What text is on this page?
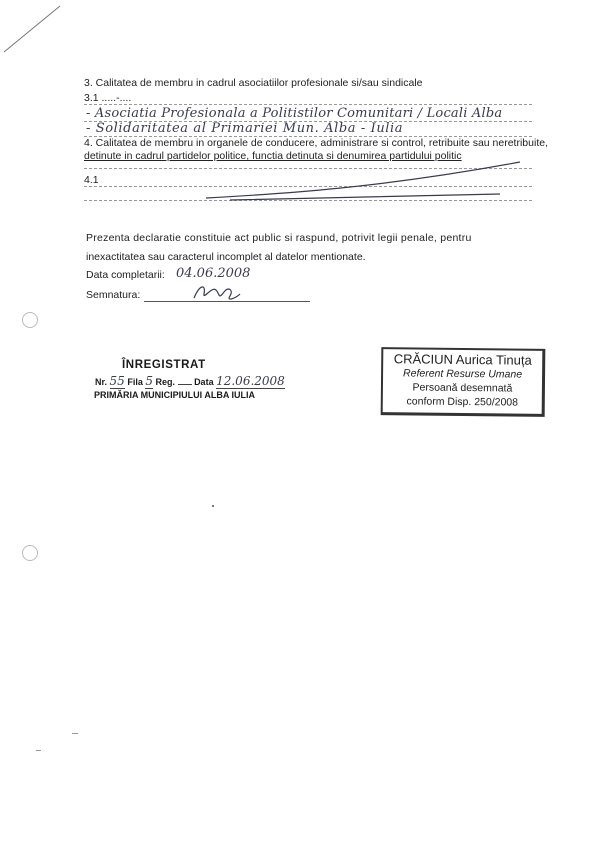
3. Calitatea de membru in cadrul asociatiilor profesionale si/sau sindicale
3.1 .....-....
- Asociatia Profesionala a Politistilor Comunitari / Locali Alba
- Solidaritatea al Primariei Mun. Alba - Iulia
4. Calitatea de membru in organele de conducere, administrare si control, retribuite sau neretribuite,
detinute in cadrul partidelor politice, functia detinuta si denumirea partidului politic
4.1
Prezenta declaratie constituie act public si raspund, potrivit legii penale, pentru
inexactitatea sau caracterul incomplet al datelor mentionate.
Data completarii: 04.06.2008
Semnatura:
ÎNREGISTRAT
Nr. 55 Fila 5 Reg. Data 12.06.2008
PRIMĂRIA MUNICIPIULUI ALBA IULIA
CRĂCIUN Aurica Tinuța
Referent Resurse Umane
Persoană desemnată
conform Disp. 250/2008
